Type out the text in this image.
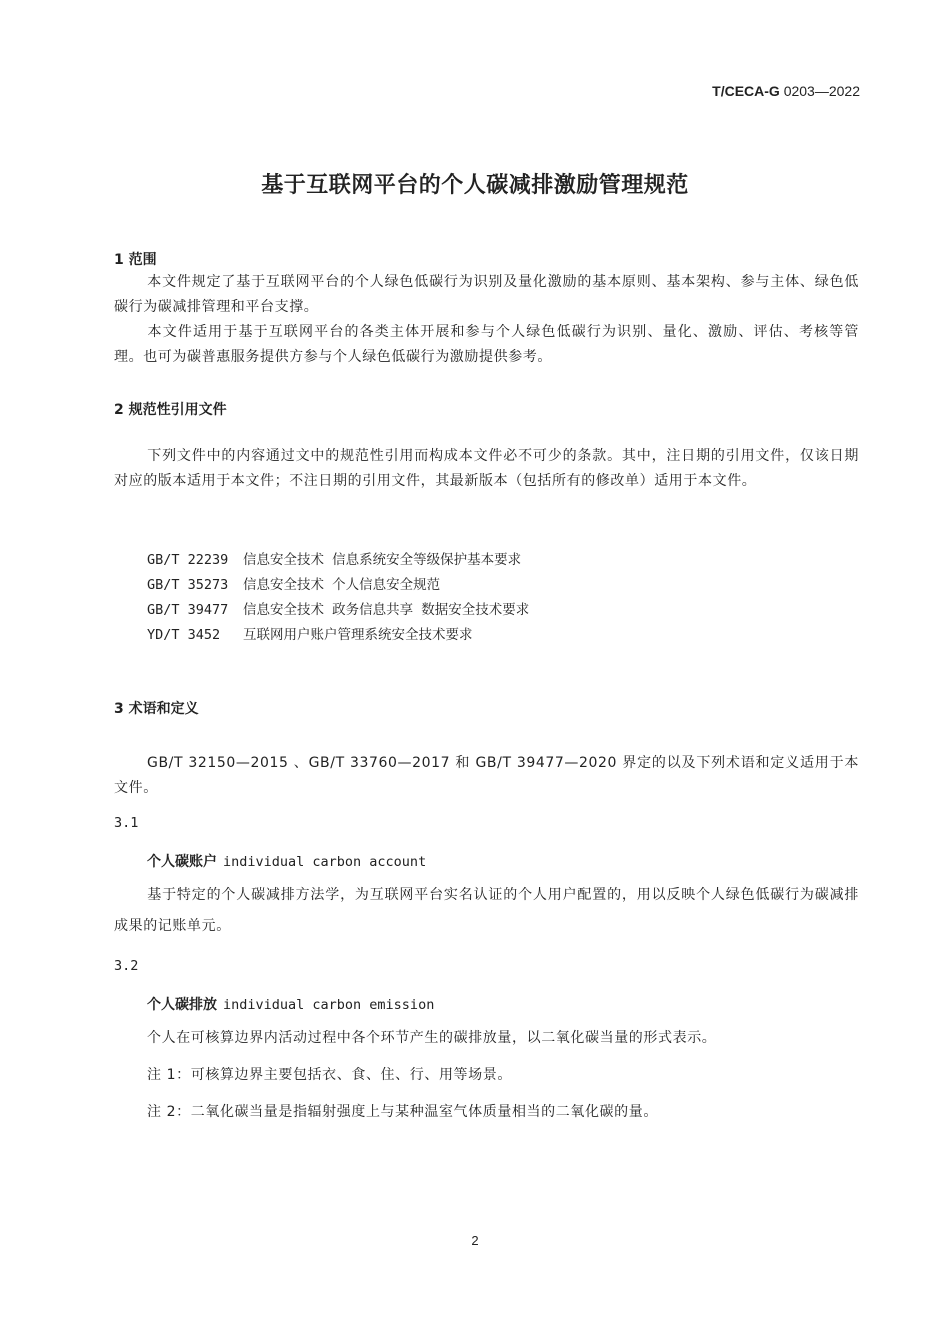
T/CECA-G 0203—2022
基于互联网平台的个人碳减排激励管理规范
1 范围
本文件规定了基于互联网平台的个人绿色低碳行为识别及量化激励的基本原则、基本架构、参与主体、绿色低碳行为碳减排管理和平台支撑。
本文件适用于基于互联网平台的各类主体开展和参与个人绿色低碳行为识别、量化、激励、评估、考核等管理。也可为碳普惠服务提供方参与个人绿色低碳行为激励提供参考。
2 规范性引用文件
下列文件中的内容通过文中的规范性引用而构成本文件必不可少的条款。其中，注日期的引用文件，仅该日期对应的版本适用于本文件；不注日期的引用文件，其最新版本（包括所有的修改单）适用于本文件。
GB/T 22239 信息安全技术 信息系统安全等级保护基本要求
GB/T 35273 信息安全技术 个人信息安全规范
GB/T 39477 信息安全技术 政务信息共享 数据安全技术要求
YD/T 3452 互联网用户账户管理系统安全技术要求
3 术语和定义
GB/T 32150—2015 、GB/T 33760—2017 和 GB/T 39477—2020 界定的以及下列术语和定义适用于本文件。
3.1
个人碳账户 individual carbon account
基于特定的个人碳减排方法学，为互联网平台实名认证的个人用户配置的，用以反映个人绿色低碳行为碳减排成果的记账单元。
3.2
个人碳排放 individual carbon emission
个人在可核算边界内活动过程中各个环节产生的碳排放量，以二氧化碳当量的形式表示。
注 1：可核算边界主要包括衣、食、住、行、用等场景。
注 2：二氧化碳当量是指辐射强度上与某种温室气体质量相当的二氧化碳的量。
2
